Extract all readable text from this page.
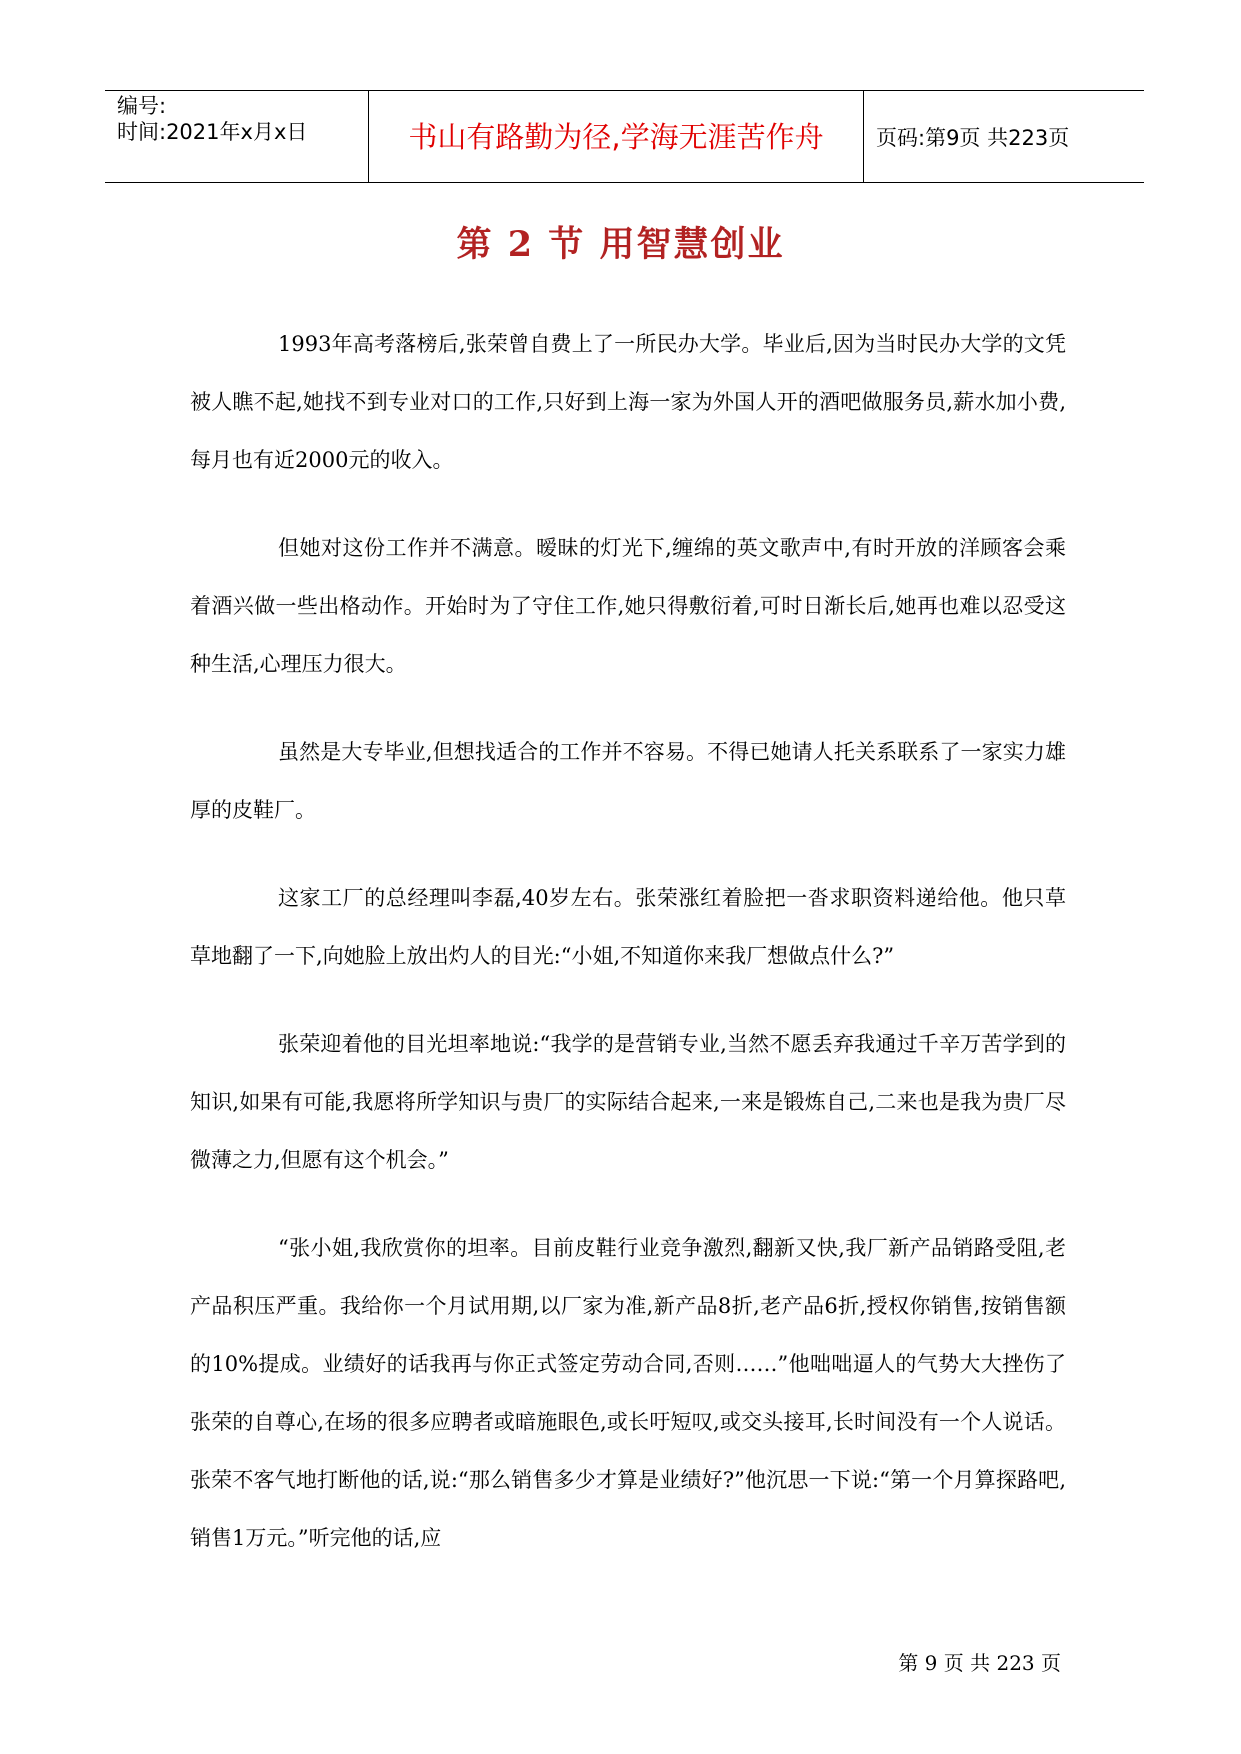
编号:
时间:2021年x月x日	书山有路勤为径,学海无涯苦作舟	页码:第9页 共223页
第 2 节 用智慧创业

1993年高考落榜后,张荣曾自费上了一所民办大学。毕业后,因为当时民办大学的文凭被人瞧不起,她找不到专业对口的工作,只好到上海一家为外国人开的酒吧做服务员,薪水加小费,每月也有近2000元的收入。

但她对这份工作并不满意。暧昧的灯光下,缠绵的英文歌声中,有时开放的洋顾客会乘着酒兴做一些出格动作。开始时为了守住工作,她只得敷衍着,可时日渐长后,她再也难以忍受这种生活,心理压力很大。

虽然是大专毕业,但想找适合的工作并不容易。不得已她请人托关系联系了一家实力雄厚的皮鞋厂。

这家工厂的总经理叫李磊,40岁左右。张荣涨红着脸把一沓求职资料递给他。他只草草地翻了一下,向她脸上放出灼人的目光:“小姐,不知道你来我厂想做点什么?”

张荣迎着他的目光坦率地说:“我学的是营销专业,当然不愿丢弃我通过千辛万苦学到的知识,如果有可能,我愿将所学知识与贵厂的实际结合起来,一来是锻炼自己,二来也是我为贵厂尽微薄之力,但愿有这个机会。”

“张小姐,我欣赏你的坦率。目前皮鞋行业竞争激烈,翻新又快,我厂新产品销路受阻,老产品积压严重。我给你一个月试用期,以厂家为准,新产品8折,老产品6折,授权你销售,按销售额的10%提成。业绩好的话我再与你正式签定劳动合同,否则……”他咄咄逼人的气势大大挫伤了张荣的自尊心,在场的很多应聘者或暗施眼色,或长吁短叹,或交头接耳,长时间没有一个人说话。张荣不客气地打断他的话,说:“那么销售多少才算是业绩好?”他沉思一下说:“第一个月算探路吧,销售1万元。”听完他的话,应

第 9 页 共 223 页
